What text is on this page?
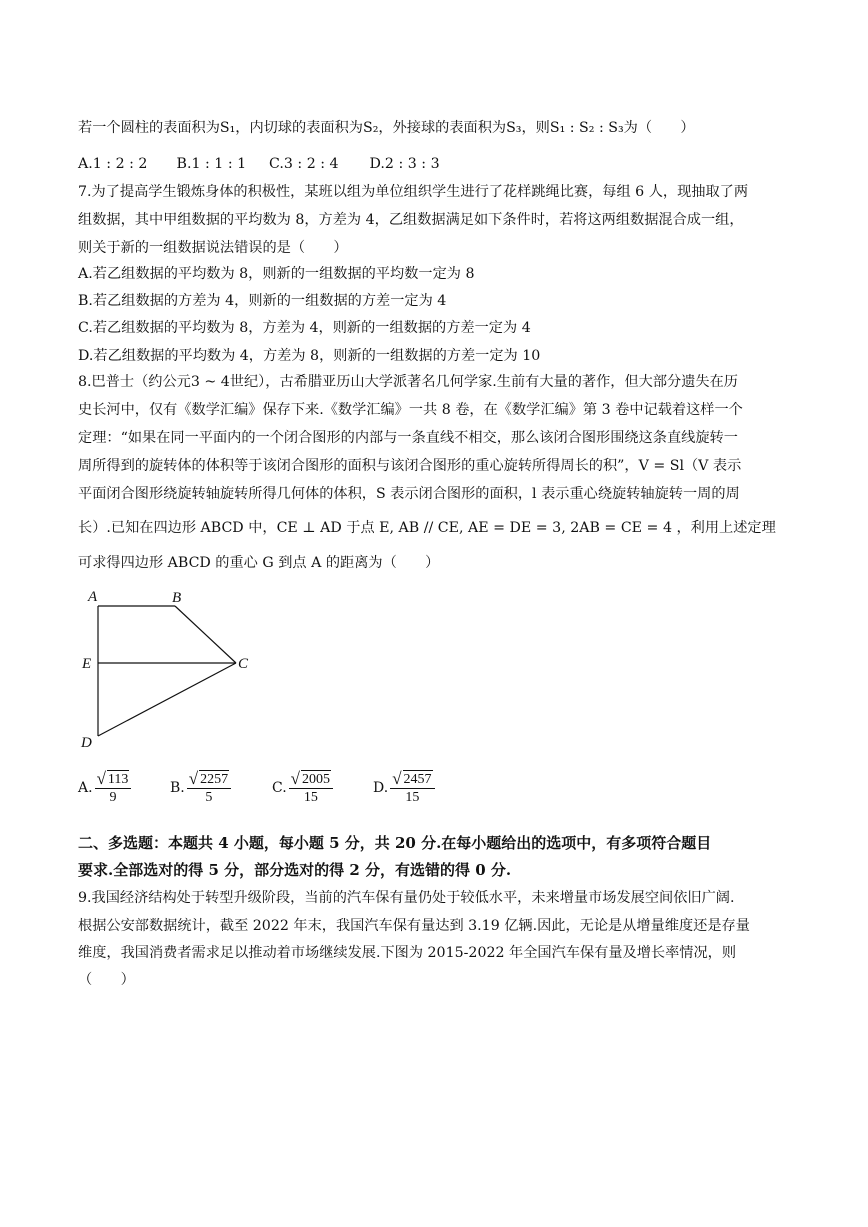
若一个圆柱的表面积为S₁，内切球的表面积为S₂，外接球的表面积为S₃，则S₁ : S₂ : S₃为（　　）
A.1 : 2 : 2 B.1 : 1 : 1 C.3 : 2 : 4 D.2 : 3 : 3
7.为了提高学生锻炼身体的积极性，某班以组为单位组织学生进行了花样跳绳比赛，每组 6 人，现抽取了两
组数据，其中甲组数据的平均数为 8，方差为 4，乙组数据满足如下条件时，若将这两组数据混合成一组，
则关于新的一组数据说法错误的是（　　）
A.若乙组数据的平均数为 8，则新的一组数据的平均数一定为 8
B.若乙组数据的方差为 4，则新的一组数据的方差一定为 4
C.若乙组数据的平均数为 8，方差为 4，则新的一组数据的方差一定为 4
D.若乙组数据的平均数为 4，方差为 8，则新的一组数据的方差一定为 10
8.巴普士（约公元3 ~ 4世纪），古希腊亚历山大学派著名几何学家.生前有大量的著作，但大部分遗失在历
史长河中，仅有《数学汇编》保存下来.《数学汇编》一共 8 卷，在《数学汇编》第 3 卷中记载着这样一个
定理：“如果在同一平面内的一个闭合图形的内部与一条直线不相交，那么该闭合图形围绕这条直线旋转一
周所得到的旋转体的体积等于该闭合图形的面积与该闭合图形的重心旋转所得周长的积”，V = Sl（V 表示
平面闭合图形绕旋转轴旋转所得几何体的体积，S 表示闭合图形的面积，l 表示重心绕旋转轴旋转一周的周
长）.已知在四边形 ABCD 中，CE ⊥ AD 于点 E, AB // CE, AE = DE = 3, 2AB = CE = 4 ，利用上述定理
可求得四边形 ABCD 的重心 G 到点 A 的距离为（　　）
A	B
C
D
E
A. $\frac{√ 113}{9}$	B. $\frac{√ 2257}{5}$	C. $\frac{√ 2005}{15}$	D. $\frac{√ 2457}{15}$
二、多选题：本题共 4 小题，每小题 5 分，共 20 分.在每小题给出的选项中，有多项符合题目
要求.全部选对的得 5 分，部分选对的得 2 分，有选错的得 0 分.
9.我国经济结构处于转型升级阶段，当前的汽车保有量仍处于较低水平，未来增量市场发展空间依旧广阔.
根据公安部数据统计，截至 2022 年末，我国汽车保有量达到 3.19 亿辆.因此，无论是从增量维度还是存量
维度，我国消费者需求足以推动着市场继续发展.下图为 2015-2022 年全国汽车保有量及增长率情况，则
（　　）
